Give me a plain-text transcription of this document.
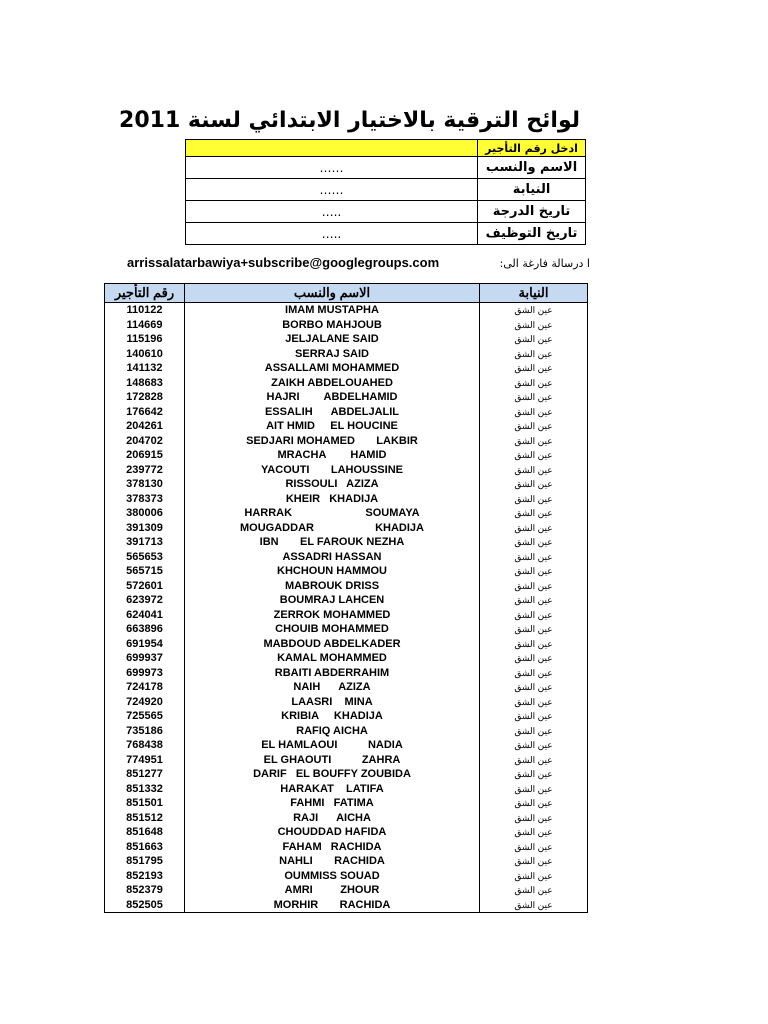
لوائح الترقية بالاختيار الابتدائي لسنة 2011
	ادخل رقم التأجير
……	الاسم والنسب
……	النيابة
…..	تاريخ الدرجة
…..	تاريخ التوظيف
arrissalatarbawiya+subscribe@googlegroups.com	ا درسالة فارغة الى:
رقم التأجير	الاسم والنسب	النيابة
110122	IMAM MUSTAPHA	عين الشق
114669	BORBO MAHJOUB	عين الشق
115196	JELJALANE SAID	عين الشق
140610	SERRAJ SAID	عين الشق
141132	ASSALLAMI MOHAMMED	عين الشق
148683	ZAIKH ABDELOUAHED	عين الشق
172828	HAJRI        ABDELHAMID	عين الشق
176642	ESSALIH      ABDELJALIL	عين الشق
204261	AIT HMID     EL HOUCINE	عين الشق
204702	SEDJARI MOHAMED       LAKBIR	عين الشق
206915	MRACHA        HAMID	عين الشق
239772	YACOUTI       LAHOUSSINE	عين الشق
378130	RISSOULI   AZIZA	عين الشق
378373	KHEIR   KHADIJA	عين الشق
380006	HARRAK                        SOUMAYA	عين الشق
391309	MOUGADDAR                    KHADIJA	عين الشق
391713	IBN       EL FAROUK NEZHA	عين الشق
565653	ASSADRI HASSAN	عين الشق
565715	KHCHOUN HAMMOU	عين الشق
572601	MABROUK DRISS	عين الشق
623972	BOUMRAJ LAHCEN	عين الشق
624041	ZERROK MOHAMMED	عين الشق
663896	CHOUIB MOHAMMED	عين الشق
691954	MABDOUD ABDELKADER	عين الشق
699937	KAMAL MOHAMMED	عين الشق
699973	RBAITI ABDERRAHIM	عين الشق
724178	NAIH      AZIZA	عين الشق
724920	LAASRI    MINA	عين الشق
725565	KRIBIA     KHADIJA	عين الشق
735186	RAFIQ AICHA	عين الشق
768438	EL HAMLAOUI          NADIA	عين الشق
774951	EL GHAOUTI          ZAHRA	عين الشق
851277	DARIF   EL BOUFFY ZOUBIDA	عين الشق
851332	HARAKAT    LATIFA	عين الشق
851501	FAHMI   FATIMA	عين الشق
851512	RAJI      AICHA	عين الشق
851648	CHOUDDAD HAFIDA	عين الشق
851663	FAHAM   RACHIDA	عين الشق
851795	NAHLI       RACHIDA	عين الشق
852193	OUMMISS SOUAD	عين الشق
852379	AMRI         ZHOUR	عين الشق
852505	MORHIR       RACHIDA	عين الشق
